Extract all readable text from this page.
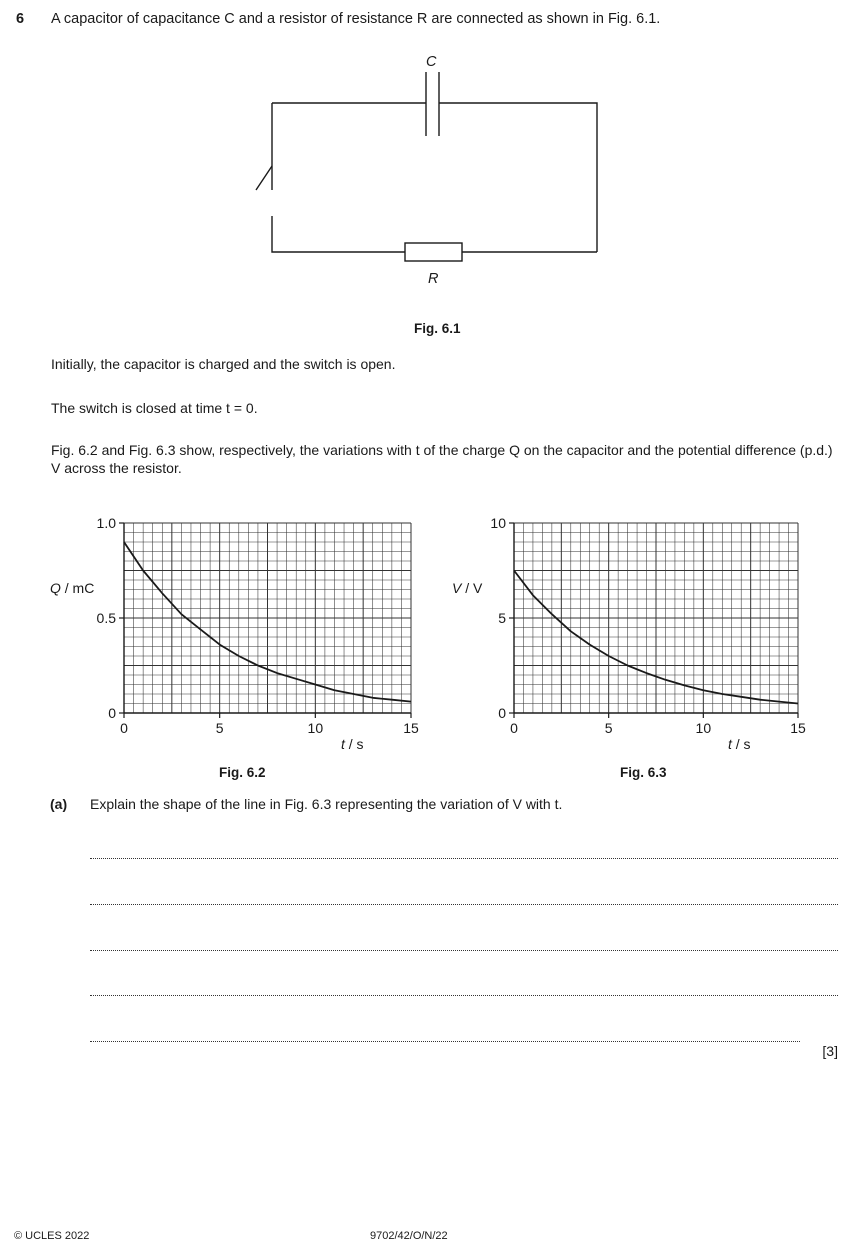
6 A capacitor of capacitance C and a resistor of resistance R are connected as shown in Fig. 6.1.
C
R
Fig. 6.1
Initially, the capacitor is charged and the switch is open.
The switch is closed at time t = 0.
Fig. 6.2 and Fig. 6.3 show, respectively, the variations with t of the charge Q on the capacitor and the potential difference (p.d.) V across the resistor.
0	5	10	15
0
0.5
1.0
Q / mC
t / s
0	5	10	15
0
5
10
V / V
t / s
Fig. 6.2	Fig. 6.3
(a) Explain the shape of the line in Fig. 6.3 representing the variation of V with t.
[3]
© UCLES 2022	9702/42/O/N/22
